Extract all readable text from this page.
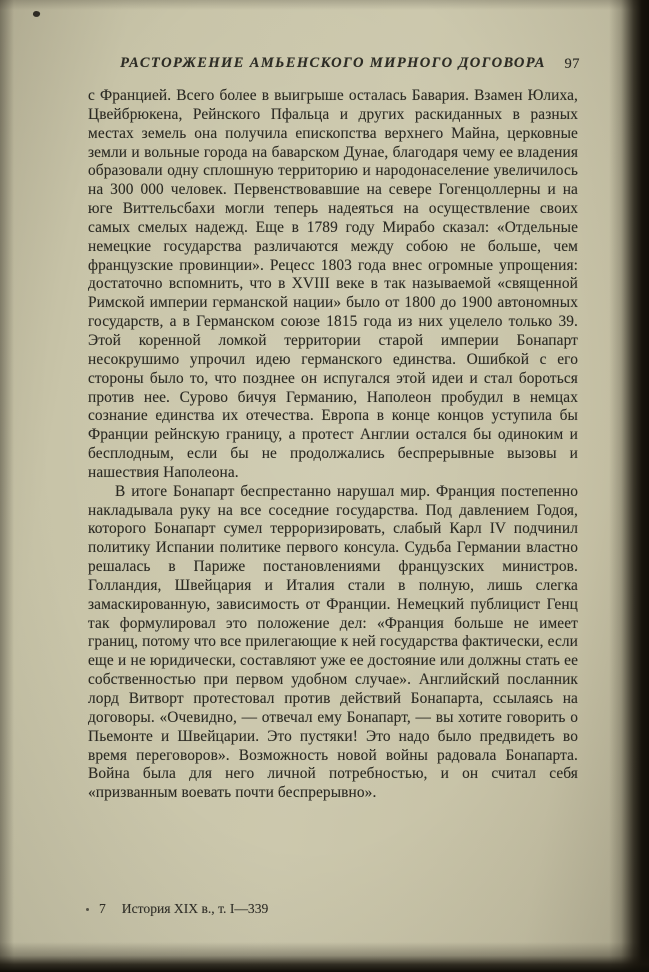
РАСТОРЖЕНИЕ АМЬЕНСКОГО МИРНОГО ДОГОВОРА 97

с Францией. Всего более в выигрыше осталась Бавария. Взамен Юлиха, Цвейбрюкена, Рейнского Пфальца и других раскиданных в разных местах земель она получила епископства верхнего Майна, церковные земли и вольные города на баварском Дунае, благодаря чему ее владения образовали одну сплошную территорию и народонаселение увеличилось на 300 000 человек. Первенствовавшие на севере Гогенцоллерны и на юге Виттельсбахи могли теперь надеяться на осуществление своих самых смелых надежд. Еще в 1789 году Мирабо сказал: «Отдельные немецкие государства различаются между собою не больше, чем французские провинции». Рецесс 1803 года внес огромные упрощения: достаточно вспомнить, что в XVIII веке в так называемой «священной Римской империи германской нации» было от 1800 до 1900 автономных государств, а в Германском союзе 1815 года из них уцелело только 39. Этой коренной ломкой территории старой империи Бонапарт несокрушимо упрочил идею германского единства. Ошибкой с его стороны было то, что позднее он испугался этой идеи и стал бороться против нее. Сурово бичуя Германию, Наполеон пробудил в немцах сознание единства их отечества. Европа в конце концов уступила бы Франции рейнскую границу, а протест Англии остался бы одиноким и бесплодным, если бы не продолжались беспрерывные вызовы и нашествия Наполеона.

В итоге Бонапарт беспрестанно нарушал мир. Франция постепенно накладывала руку на все соседние государства. Под давлением Годоя, которого Бонапарт сумел терроризировать, слабый Карл IV подчинил политику Испании политике первого консула. Судьба Германии властно решалась в Париже постановлениями французских министров. Голландия, Швейцария и Италия стали в полную, лишь слегка замаскированную, зависимость от Франции. Немецкий публицист Генц так формулировал это положение дел: «Франция больше не имеет границ, потому что все прилегающие к ней государства фактически, если еще и не юридически, составляют уже ее достояние или должны стать ее собственностью при первом удобном случае». Английский посланник лорд Витворт протестовал против действий Бонапарта, ссылаясь на договоры. «Очевидно, — отвечал ему Бонапарт, — вы хотите говорить о Пьемонте и Швейцарии. Это пустяки! Это надо было предвидеть во время переговоров». Возможность новой войны радовала Бонапарта. Война была для него личной потребностью, и он считал себя «призванным воевать почти беспрерывно».

7 История XIX в., т. I—339
